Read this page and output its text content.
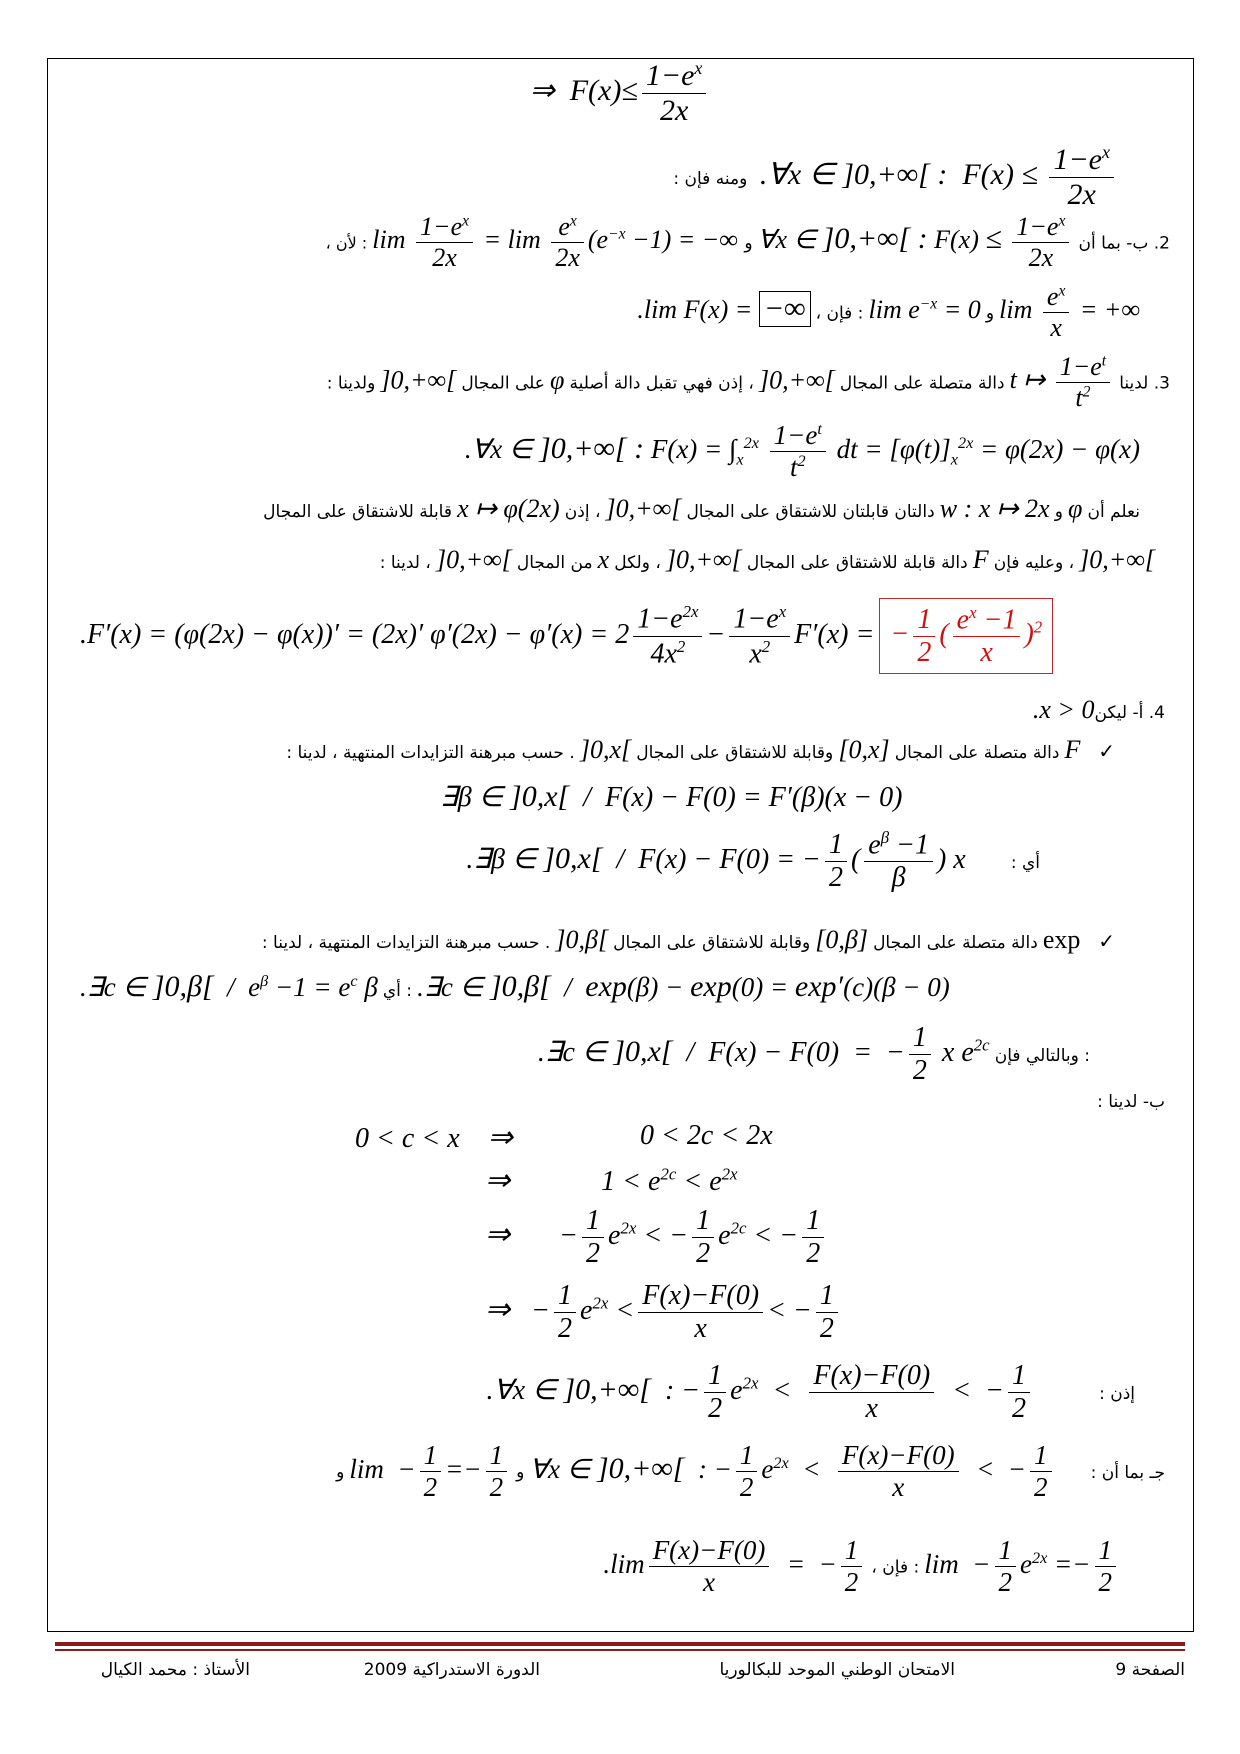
⇒  $F(x)\le \frac{1-e^x}{2x}$
ومنه فإن :  .∀x ∈ ]0,+∞[ :  $F(x) \le \frac{1-e^x}{2x}$
: لأن ، $\lim \frac{1-e^x}{2x} = \lim \frac{e^x}{2x} (e^{-x} -1)$ = −∞ و ∀x ∈ ]0,+∞[ : $F(x) \le \frac{1-e^x}{2x} 2$. ب- بما أن
.lim F(x) = −∞ : فإن ، $\lim e^{-x} = 0$ و $\lim \frac{e^x}{x}$ = +∞
ولدينا : ]0,+∞[ على المجال φ ، إذن فهي تقبل دالة أصلية ]0,+∞[ دالة متصلة على المجال t ↦ $\frac{1-e^t}{t^2} 3$. لدينا
.∀x ∈ ]0,+∞[ : $F(x) = \int_x^{2x} \frac{1-e^t}{t^2}$ dt = $[\varphi(t)]_x^{2x} = \varphi(2x) - \varphi(x)$
قابلة للاشتقاق على المجال x ↦ φ(2x) ، إذن ]0,+∞[ دالتان قابلتان للاشتقاق على المجال w : x ↦ 2x و φ نعلم أن
، لدينا : ]0,+∞[ من المجال x ، ولكل ]0,+∞[ دالة قابلة للاشتقاق على المجال F ، وعليه فإن ]0,+∞[
.F′(x) = (φ(2x) − φ(x))′ = (2x)′ $\varphi'(2x) - \varphi'(x) = 2 \frac{1-e^{2x}}{4x^2} - \frac{1-e^x}{x^2} F'(x)$ = − $\frac{1}{2}$ ( $\frac{e^x -1}{x} )^2$
.x > 04. أ- ليكن
. حسب مبرهنة التزايدات المنتهية ، لدينا : ]0,x[ وقابلة للاشتقاق على المجال [0,x] دالة متصلة على المجال F   ✓
∃β ∈ ]0,x[  /  F(x) − F(0) = F′(β)(x − 0)
.∃β ∈ ]0,x[  /  F(x) − F(0) = − $\frac{1}{2}$ ( $\frac{e^\beta -1}{\beta}$ ) x	أي :
. حسب مبرهنة التزايدات المنتهية ، لدينا : ]0,β[ وقابلة للاشتقاق على المجال [0,β] دالة متصلة على المجال exp   ✓
.∃c ∈ ]$0,\beta[ / e^\beta -1 = e^c$ β : أي .∃c ∈ ]0,β[  /  exp(β) − exp(0) = exp′(c)(β − 0)
.∃c ∈ ]0,x[  /  F(x) − F(0)  =  − $\frac{1}{2}$ x $e^{2c}$ : وبالتالي فإن
ب- لدينا :
0 < c < x    ⇒	0 < 2c < 2x
⇒             $1 < e^{2c} < e^{2x}$
⇒       − $\frac{1}{2} e^{2x}$ < − $\frac{1}{2} e^{2c}$ < − $\frac{1}{2}$
⇒   − $\frac{1}{2} e^{2x} < \frac{F(x)-F(0)}{x}$ < − $\frac{1}{2}$
.∀x ∈ ]0,+∞[  : − $\frac{1}{2} e^{2x} < \frac{F(x)-F(0)}{x}$ <  − $\frac{1}{2}$	إذن :
و $\lim - \frac{1}{2} =- \frac{1}{2}$ و ∀x ∈ ]0,+∞[  : − $\frac{1}{2} e^{2x} < \frac{F(x)-F(0)}{x}$ <  − $\frac{1}{2}$ جـ بما أن :
$.\lim \frac{F(x)-F(0)}{x}$ =  − $\frac{1}{2}$ : فإن ، $\lim - \frac{1}{2} e^{2x} =- \frac{1}{2}$
الصفحة 9
الامتحان الوطني الموحد للبكالوريا
الدورة الاستدراكية 2009
الأستاذ : محمد الكيال
